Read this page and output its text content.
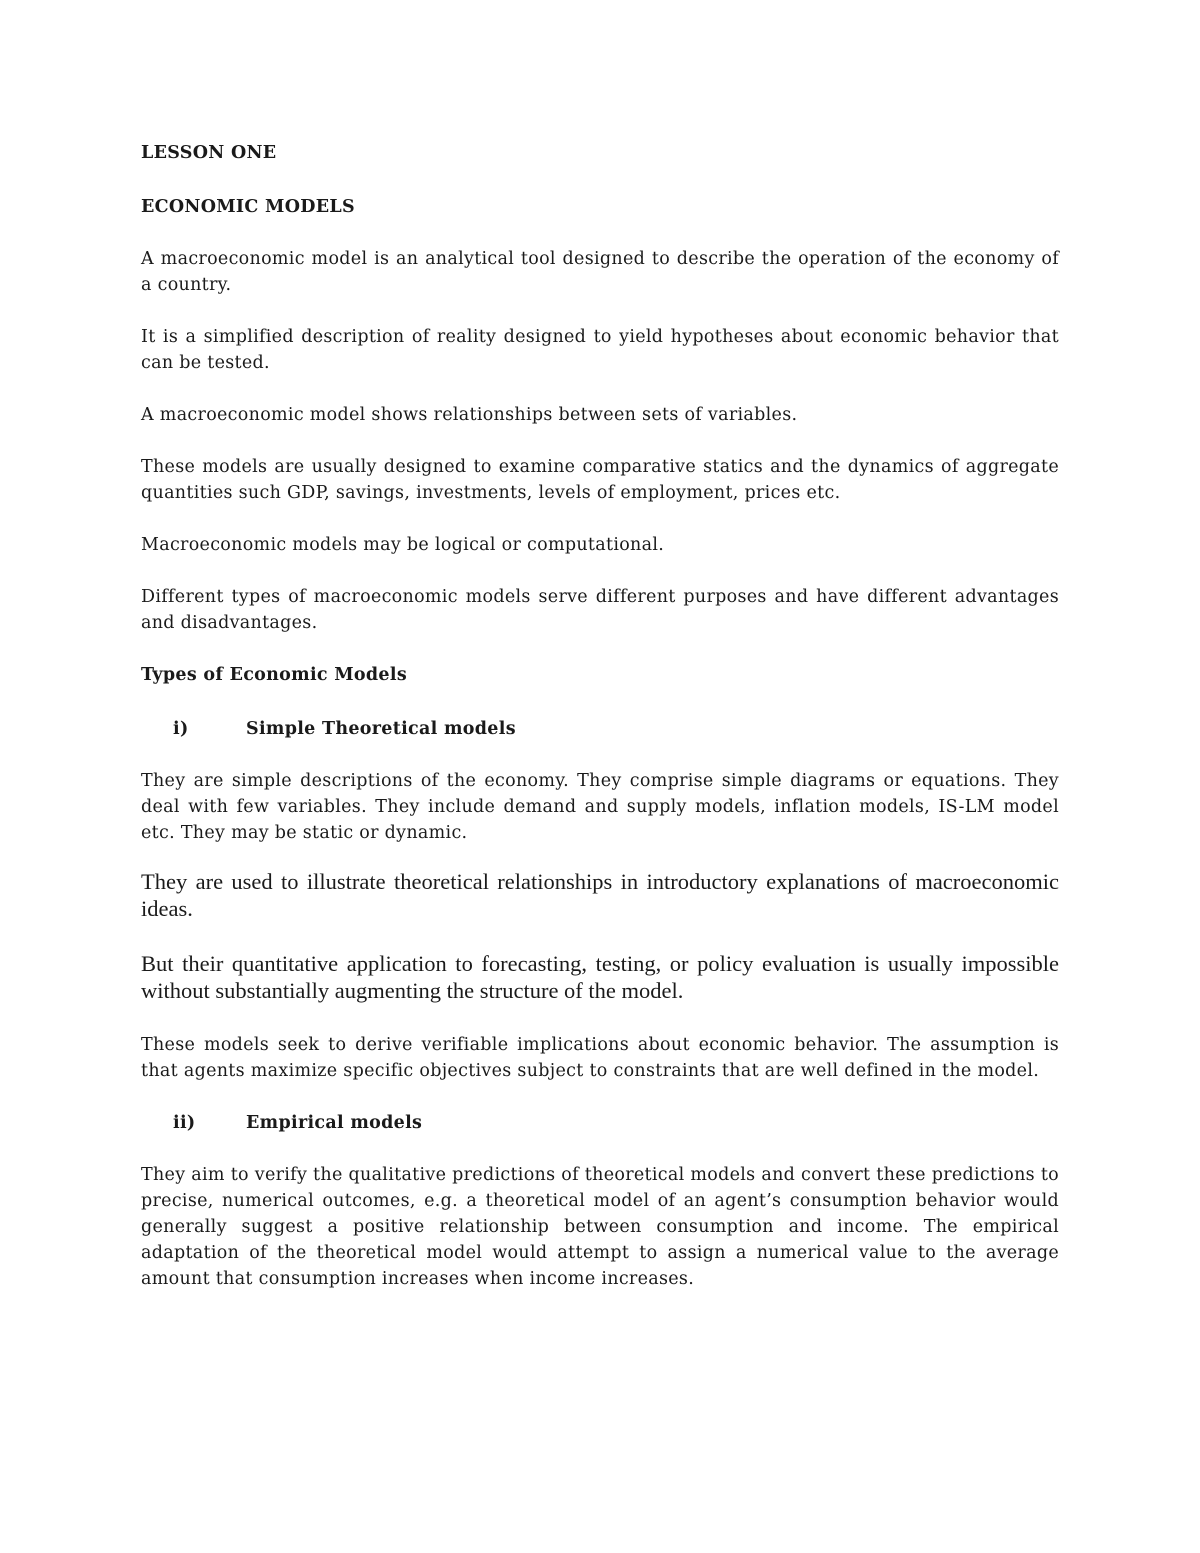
LESSON ONE

ECONOMIC MODELS

A macroeconomic model is an analytical tool designed to describe the operation of the economy of a country.

It is a simplified description of reality designed to yield hypotheses about economic behavior that can be tested.

A macroeconomic model shows relationships between sets of variables.

These models are usually designed to examine comparative statics and the dynamics of aggregate quantities such GDP, savings, investments, levels of employment, prices etc.

Macroeconomic models may be logical or computational.

Different types of macroeconomic models serve different purposes and have different advantages and disadvantages.

Types of Economic Models

i)	Simple Theoretical models

They are simple descriptions of the economy. They comprise simple diagrams or equations. They deal with few variables. They include demand and supply models, inflation models, IS-LM model etc. They may be static or dynamic.

They are used to illustrate theoretical relationships in introductory explanations of macroeconomic ideas.

But their quantitative application to forecasting, testing, or policy evaluation is usually impossible without substantially augmenting the structure of the model.

These models seek to derive verifiable implications about economic behavior. The assumption is that agents maximize specific objectives subject to constraints that are well defined in the model.

ii)	Empirical models

They aim to verify the qualitative predictions of theoretical models and convert these predictions to precise, numerical outcomes, e.g. a theoretical model of an agent’s consumption behavior would generally suggest a positive relationship between consumption and income. The empirical adaptation of the theoretical model would attempt to assign a numerical value to the average amount that consumption increases when income increases.
